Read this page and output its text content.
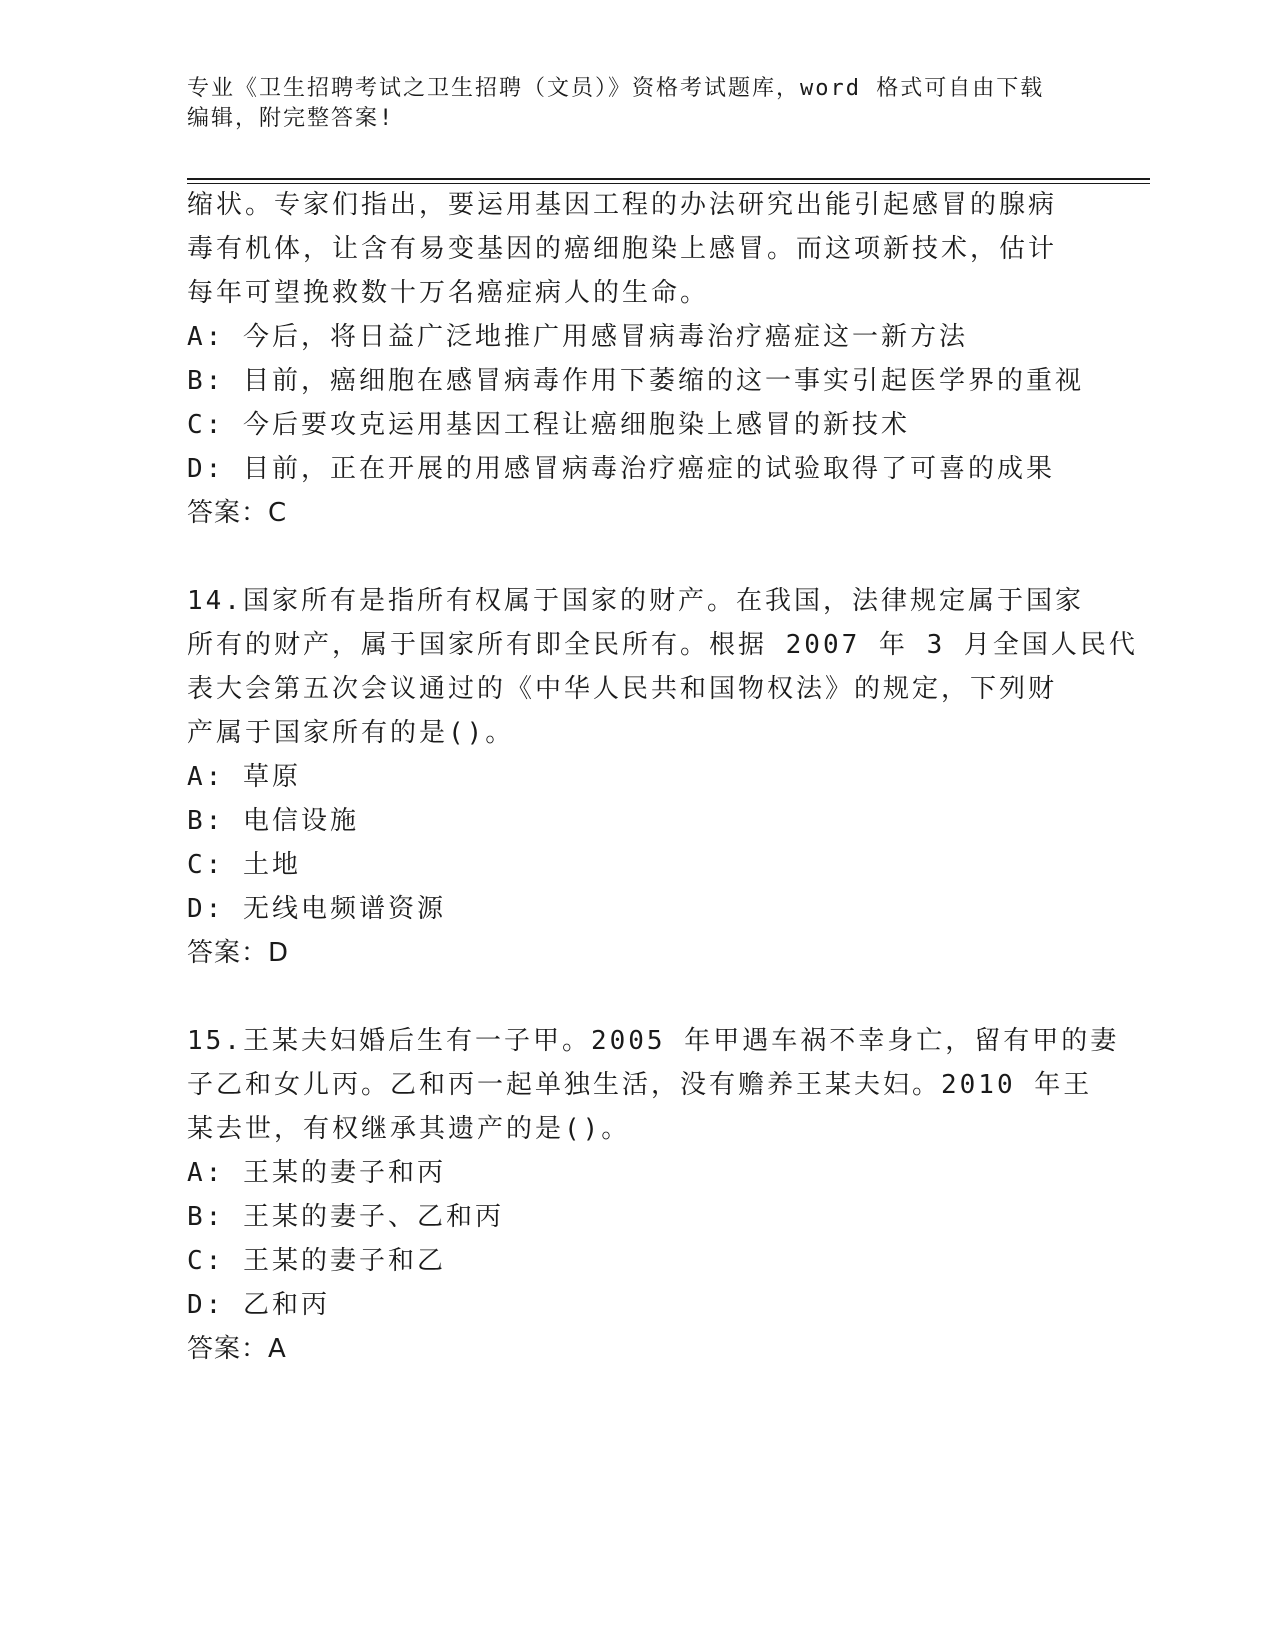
专业《卫生招聘考试之卫生招聘（文员）》资格考试题库，word 格式可自由下载
编辑，附完整答案!
缩状。专家们指出，要运用基因工程的办法研究出能引起感冒的腺病
毒有机体，让含有易变基因的癌细胞染上感冒。而这项新技术，估计
每年可望挽救数十万名癌症病人的生命。
A: 今后，将日益广泛地推广用感冒病毒治疗癌症这一新方法
B: 目前，癌细胞在感冒病毒作用下萎缩的这一事实引起医学界的重视
C: 今后要攻克运用基因工程让癌细胞染上感冒的新技术
D: 目前，正在开展的用感冒病毒治疗癌症的试验取得了可喜的成果
答案：C
14.国家所有是指所有权属于国家的财产。在我国，法律规定属于国家
所有的财产，属于国家所有即全民所有。根据 2007 年 3 月全国人民代
表大会第五次会议通过的《中华人民共和国物权法》的规定，下列财
产属于国家所有的是()。
A: 草原
B: 电信设施
C: 土地
D: 无线电频谱资源
答案：D
15.王某夫妇婚后生有一子甲。2005 年甲遇车祸不幸身亡，留有甲的妻
子乙和女儿丙。乙和丙一起单独生活，没有赡养王某夫妇。2010 年王
某去世，有权继承其遗产的是()。
A: 王某的妻子和丙
B: 王某的妻子、乙和丙
C: 王某的妻子和乙
D: 乙和丙
答案：A
